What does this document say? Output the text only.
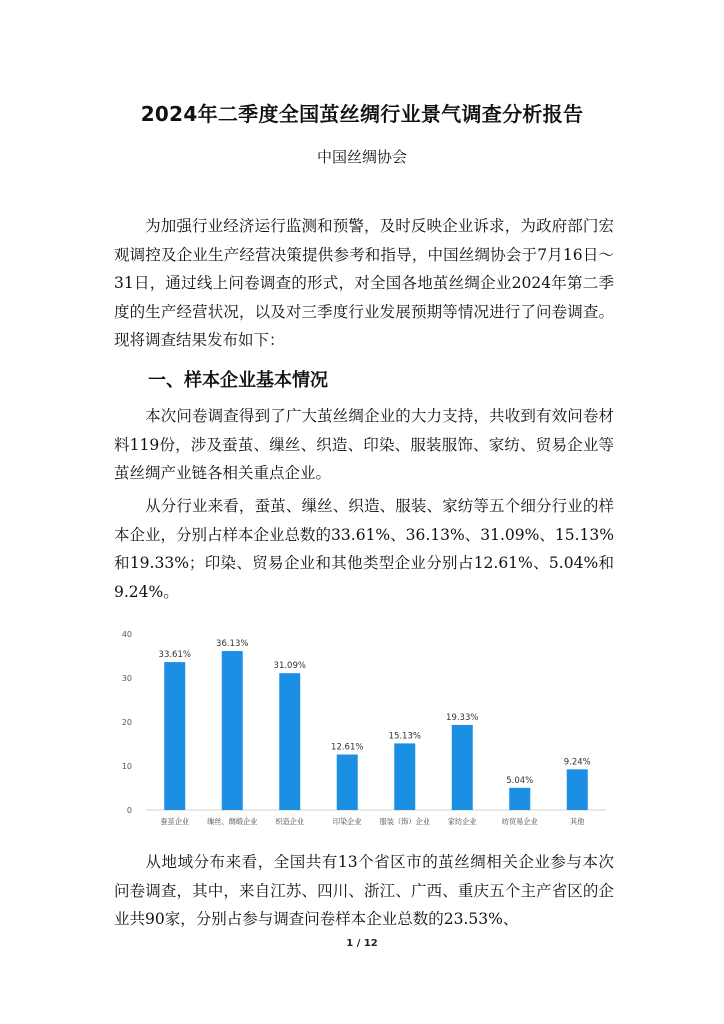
2024年二季度全国茧丝绸行业景气调查分析报告
中国丝绸协会

为加强行业经济运行监测和预警，及时反映企业诉求，为政府部门宏观调控及企业生产经营决策提供参考和指导，中国丝绸协会于7月16日～31日，通过线上问卷调查的形式，对全国各地茧丝绸企业2024年第二季度的生产经营状况，以及对三季度行业发展预期等情况进行了问卷调查。现将调查结果发布如下：

一、样本企业基本情况

本次问卷调查得到了广大茧丝绸企业的大力支持，共收到有效问卷材料119份，涉及蚕茧、缫丝、织造、印染、服装服饰、家纺、贸易企业等茧丝绸产业链各相关重点企业。

从分行业来看，蚕茧、缫丝、织造、服装、家纺等五个细分行业的样本企业，分别占样本企业总数的33.61%、36.13%、31.09%、15.13%和19.33%；印染、贸易企业和其他类型企业分别占12.61%、5.04%和9.24%。

0
10
20
30
40
33.61%
蚕茧企业
36.13%
缫丝、绸缎企业
31.09%
织造企业
12.61%
印染企业
15.13%
服装（饰）企业
19.33%
家纺企业
5.04%
纺贸易企业
9.24%
其他

从地域分布来看，全国共有13个省区市的茧丝绸相关企业参与本次问卷调查，其中，来自江苏、四川、浙江、广西、重庆五个主产省区的企业共90家，分别占参与调查问卷样本企业总数的23.53%、

1 / 12
